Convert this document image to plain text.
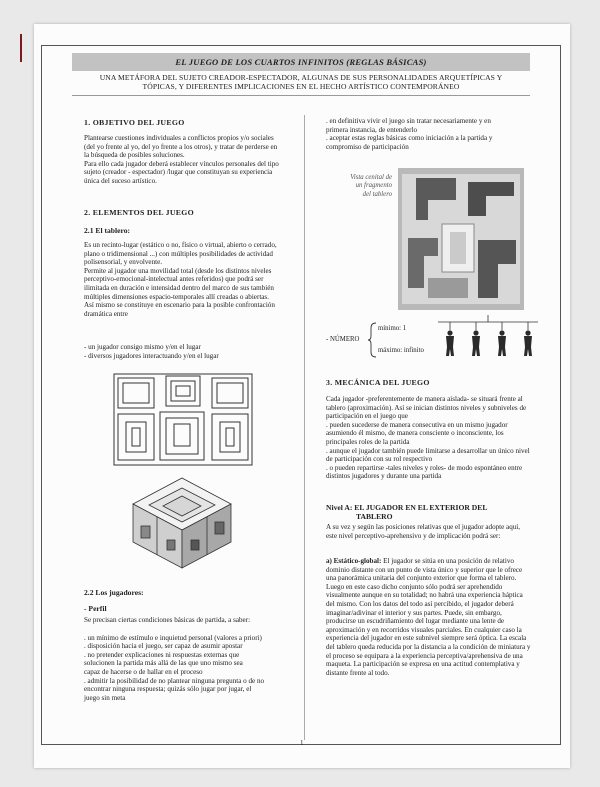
EL JUEGO DE LOS CUARTOS INFINITOS (REGLAS BÁSICAS)
UNA METÁFORA DEL SUJETO CREADOR-ESPECTADOR, ALGUNAS DE SUS PERSONALIDADES ARQUETÍPICAS Y
TÓPICAS, Y DIFERENTES IMPLICACIONES EN EL HECHO ARTÍSTICO CONTEMPORÁNEO
1. OBJETIVO DEL JUEGO

Plantearse cuestiones individuales a conflictos propios y/o sociales (del yo frente al yo, del yo frente a los otros), y tratar de perderse en la búsqueda de posibles soluciones.

Para ello cada jugador deberá establecer vínculos personales del tipo sujeto (creador - espectador) /lugar que constituyan su experiencia única del suceso artístico.

2. ELEMENTOS DEL JUEGO
2.1 El tablero:

Es un recinto-lugar (estático o no, físico o virtual, abierto o cerrado, plano o tridimensional ...) con múltiples posibilidades de actividad polisensorial, y envolvente.

Permite al jugador una movilidad total (desde los distintos niveles perceptivo-emocional-intelectual antes referidos) que podrá ser ilimitada en duración e intensidad dentro del marco de sus también múltiples dimensiones espacio-temporales allí creadas o abiertas.

Así mismo se constituye en escenario para la posible confrontación dramática entre

- un jugador consigo mismo y/en el lugar

- diversos jugadores interactuando y/en el lugar

2.2 Los jugadores:
- Perfil

Se precisan ciertas condiciones básicas de partida, a saber:

. un mínimo de estímulo e inquietud personal (valores a priori)

. disposición hacia el juego, ser capaz de asumir apostar

. no pretender explicaciones ni respuestas externas que

solucionen la partida más allá de las que uno mismo sea

capaz de hacerse o de hallar en el proceso

. admitir la posibilidad de no plantear ninguna pregunta o de no

encontrar ninguna respuesta; quizás sólo jugar por jugar, el

juego sin meta

. en definitiva vivir el juego sin tratar necesariamente y en

primera instancia, de entenderlo

. aceptar estas reglas básicas como iniciación a la partida y

compromiso de participación

Vista cenital de un fragmento del tablero
- NÚMERO
mínimo: 1
máximo: infinito
3. MECÁNICA DEL JUEGO

Cada jugador -preferentemente de manera aislada- se situará frente al tablero (aproximación). Así se inician distintos niveles y subniveles de participación en el juego que

. pueden sucederse de manera consecutiva en un mismo jugador asumiendo él mismo, de manera consciente o inconsciente, los principales roles de la partida

. aunque el jugador también puede limitarse a desarrollar un único nivel de participación con su rol respectivo

. o pueden repartirse -tales niveles y roles- de modo espontáneo entre distintos jugadores y durante una partida

Nivel A: EL JUGADOR EN EL EXTERIOR DEL
TABLERO
A su vez y según las posiciones relativas que el jugador adopte aquí, este nivel perceptivo-aprehensivo y de implicación podrá ser:

a) Estático-global: El jugador se sitúa en una posición de relativo dominio distante con un punto de vista único y superior que le ofrece una panorámica unitaria del conjunto exterior que forma el tablero.

Luego en este caso dicho conjunto sólo podrá ser aprehendido visualmente aunque en su totalidad; no habrá una experiencia háptica del mismo. Con los datos del todo así percibido, el jugador deberá imaginar/adivinar el interior y sus partes. Puede, sin embargo, producirse un escudriñamiento del lugar mediante una lente de aproximación y en recorridos visuales parciales. En cualquier caso la experiencia del jugador en este subnivel siempre será óptica. La escala del tablero queda reducida por la distancia a la condición de miniatura y el proceso se equipara a la experiencia perceptiva/aprehensiva de una maqueta. La participación se expresa en una actitud contemplativa y distante frente al todo.

1
